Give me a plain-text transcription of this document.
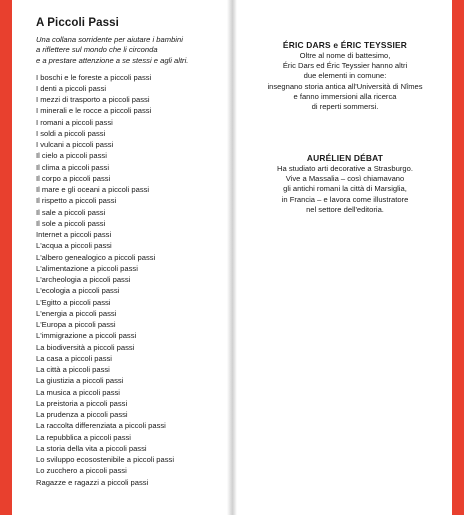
A Piccoli Passi

Una collana sorridente per aiutare i bambini
a riflettere sul mondo che li circonda
e a prestare attenzione a se stessi e agli altri.

I boschi e le foreste a piccoli passi
I denti a piccoli passi
I mezzi di trasporto a piccoli passi
I minerali e le rocce a piccoli passi
I romani a piccoli passi
I soldi a piccoli passi
I vulcani a piccoli passi
Il cielo a piccoli passi
Il clima a piccoli passi
Il corpo a piccoli passi
Il mare e gli oceani a piccoli passi
Il rispetto a piccoli passi
Il sale a piccoli passi
Il sole a piccoli passi
Internet a piccoli passi
L'acqua a piccoli passi
L'albero genealogico a piccoli passi
L'alimentazione a piccoli passi
L'archeologia a piccoli passi
L'ecologia a piccoli passi
L'Egitto a piccoli passi
L'energia a piccoli passi
L'Europa a piccoli passi
L'immigrazione a piccoli passi
La biodiversità a piccoli passi
La casa a piccoli passi
La città a piccoli passi
La giustizia a piccoli passi
La musica a piccoli passi
La preistoria a piccoli passi
La prudenza a piccoli passi
La raccolta differenziata a piccoli passi
La repubblica a piccoli passi
La storia della vita a piccoli passi
Lo sviluppo ecosostenibile a piccoli passi
Lo zucchero a piccoli passi
Ragazze e ragazzi a piccoli passi

ÉRIC DARS e ÉRIC TEYSSIER

Oltre al nome di battesimo,
Éric Dars ed Éric Teyssier hanno altri
due elementi in comune:
insegnano storia antica all'Università di Nîmes
e fanno immersioni alla ricerca
di reperti sommersi.

AURÉLIEN DÉBAT

Ha studiato arti decorative a Strasburgo.
Vive a Massalia – così chiamavano
gli antichi romani la città di Marsiglia,
in Francia – e lavora come illustratore
nel settore dell'editoria.
